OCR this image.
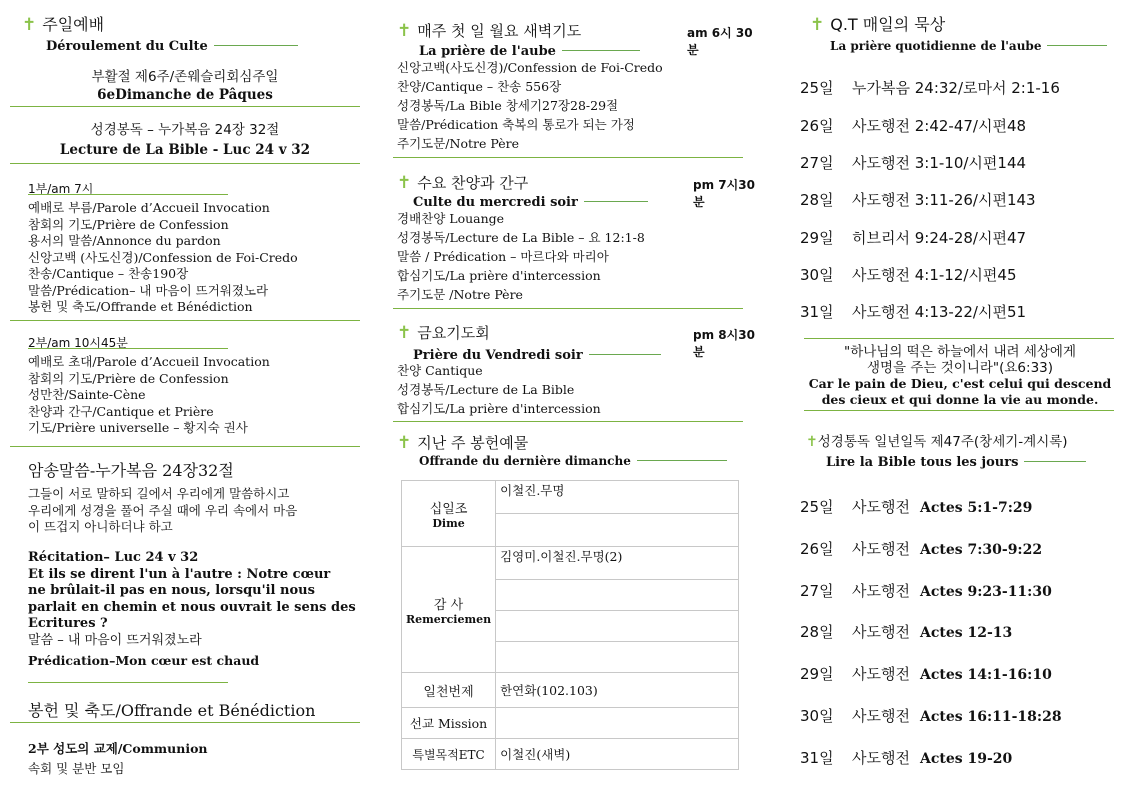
✝ 주일예배
Déroulement du Culte
부활절 제6주/존웨슬리회심주일
6eDimanche de Pâques
성경봉독 – 누가복음 24장 32절
Lecture de La Bible - Luc 24 v 32
1부/am 7시
예배로 부름/Parole d’Accueil Invocation
참회의 기도/Prière de Confession
용서의 말씀/Annonce du pardon
신앙고백 (사도신경)/Confession de Foi-Credo
찬송/Cantique – 찬송190장
말씀/Prédication– 내 마음이 뜨거워졌노라
봉헌 및 축도/Offrande et Bénédiction
2부/am 10시45분
예배로 초대/Parole d’Accueil Invocation
참회의 기도/Prière de Confession
성만찬/Sainte-Cène
찬양과 간구/Cantique et Prière
기도/Prière universelle – 황지숙 권사
암송말씀-누가복음 24장32절
그들이 서로 말하되 길에서 우리에게 말씀하시고
우리에게 성경을 풀어 주실 때에 우리 속에서 마음
이 뜨겁지 아니하더냐 하고
Récitation– Luc 24 v 32
Et ils se dirent l'un à l'autre : Notre cœur
ne brûlait-il pas en nous, lorsqu'il nous
parlait en chemin et nous ouvrait le sens des
Ecritures ?
말씀 – 내 마음이 뜨거워졌노라
Prédication–Mon cœur est chaud
봉헌 및 축도/Offrande et Bénédiction
2부 성도의 교제/Communion
속회 및 분반 모임
am 6시 30분
✝ 매주 첫 일 월요 새벽기도
La prière de l'aube
신앙고백(사도신경)/Confession de Foi-Credo
찬양/Cantique – 찬송 556장
성경봉독/La Bible 창세기27장28-29절
말씀/Prédication 축복의 통로가 되는 가정
주기도문/Notre Père
pm 7시30분
✝ 수요 찬양과 간구
Culte du mercredi soir
경배찬양 Louange
성경봉독/Lecture de La Bible – 요 12:1-8
말씀 / Prédication – 마르다와 마리아
합심기도/La prière d'intercession
주기도문 /Notre Père
pm 8시30분
✝ 금요기도회
Prière du Vendredi soir
찬양 Cantique
성경봉독/Lecture de La Bible
합심기도/La prière d'intercession
✝ 지난 주 봉헌예물
Offrande du dernière dimanche
십일조
Dime	이철진.무명

감 사
Remerciemen	김영미.이철진.무명(2)

일천번제	한연화(102.103)
선교 Mission	
특별목적ETC	이철진(새벽)
✝ Q.T 매일의 묵상
La prière quotidienne de l'aube
25일 누가복음 24:32/로마서 2:1-16
26일 사도행전 2:42-47/시편48
27일 사도행전 3:1-10/시편144
28일 사도행전 3:11-26/시편143
29일 히브리서 9:24-28/시편47
30일 사도행전 4:1-12/시편45
31일 사도행전 4:13-22/시편51
"하나님의 떡은 하늘에서 내려 세상에게
생명을 주는 것이니라"(요6:33)
Car le pain de Dieu, c'est celui qui descend
des cieux et qui donne la vie au monde.
✝성경통독 일년일독 제47주(창세기-계시록)
Lire la Bible tous les jours
25일 사도행전 Actes 5:1-7:29
26일 사도행전 Actes 7:30-9:22
27일 사도행전 Actes 9:23-11:30
28일 사도행전 Actes 12-13
29일 사도행전 Actes 14:1-16:10
30일 사도행전 Actes 16:11-18:28
31일 사도행전 Actes 19-20
